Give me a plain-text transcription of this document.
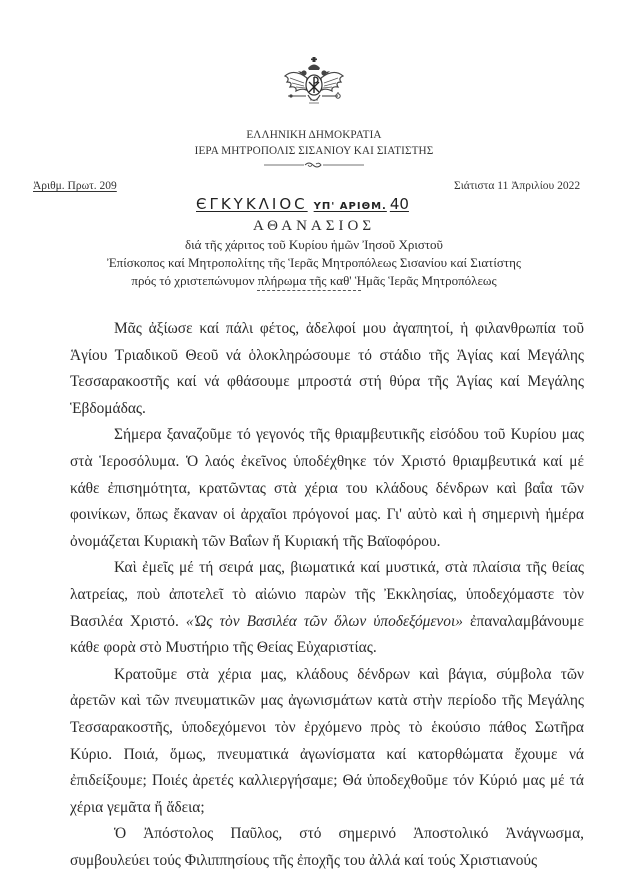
ΕΛΛΗΝΙΚΗ ΔΗΜΟΚΡΑΤΙΑ
ΙΕΡΑ ΜΗΤΡΟΠΟΛΙΣ ΣΙΣΑΝΙΟΥ ΚΑΙ ΣΙΑΤΙΣΤΗΣ
Ἀριθμ. Πρωτ. 209	Σιάτιστα 11 Ἀπριλίου 2022
ЄΓΚΥΚΛΙΟϹ ΥΠ' ΑΡΙΘΜ. 40
ΑΘΑΝΑΣΙΟΣ
διά τῆς χάριτος τοῦ Κυρίου ἡμῶν Ἰησοῦ Χριστοῦ
Ἐπίσκοπος καί Μητροπολίτης τῆς Ἱερᾶς Μητροπόλεως Σισανίου καί Σιατίστης
πρός τό χριστεπώνυμον πλήρωμα τῆς καθ' Ἡμᾶς Ἱερᾶς Μητροπόλεως

Μᾶς ἀξίωσε καί πάλι φέτος, ἀδελφοί μου ἀγαπητοί, ἡ φιλανθρωπία τοῦ Ἁγίου Τριαδικοῦ Θεοῦ νά ὁλοκληρώσουμε τό στάδιο τῆς Ἁγίας καί Μεγάλης Τεσσαρακοστῆς καί νά φθάσουμε μπροστά στή θύρα τῆς Ἁγίας καί Μεγάλης Ἑβδομάδας.

Σήμερα ξαναζοῦμε τό γεγονός τῆς θριαμβευτικῆς εἰσόδου τοῦ Κυρίου μας στὰ Ἱεροσόλυμα. Ὁ λαός ἐκεῖνος ὑποδέχθηκε τόν Χριστό θριαμβευτικά καί μέ κάθε ἐπισημότητα, κρατῶντας στὰ χέρια του κλάδους δένδρων καὶ βαΐα τῶν φοινίκων, ὅπως ἔκαναν οἱ ἀρχαῖοι πρόγονοί μας. Γι' αὐτὸ καὶ ἡ σημερινὴ ἡμέρα ὀνομάζεται Κυριακὴ τῶν Βαΐων ἤ Κυριακή τῆς Βαϊοφόρου.

Καὶ ἐμεῖς μέ τή σειρά μας, βιωματικά καί μυστικά, στὰ πλαίσια τῆς θείας λατρείας, ποὺ ἀποτελεῖ τὸ αἰώνιο παρὼν τῆς Ἐκκλησίας, ὑποδεχόμαστε τὸν Βασιλέα Χριστό. «Ὡς τὸν Βασιλέα τῶν ὅλων ὑποδεξόμενοι» ἐπαναλαμβάνουμε κάθε φορὰ στὸ Μυστήριο τῆς Θείας Εὐχαριστίας.

Κρατοῦμε στὰ χέρια μας, κλάδους δένδρων καὶ βάγια, σύμβολα τῶν ἀρετῶν καὶ τῶν πνευματικῶν μας ἀγωνισμάτων κατὰ στὴν περίοδο τῆς Μεγάλης Τεσσαρακοστῆς, ὑποδεχόμενοι τὸν ἐρχόμενο πρὸς τὸ ἑκούσιο πάθος Σωτῆρα Κύριο. Ποιά, ὅμως, πνευματικά ἀγωνίσματα καί κατορθώματα ἔχουμε νά ἐπιδείξουμε; Ποιές ἀρετές καλλιεργήσαμε; Θά ὑποδεχθοῦμε τόν Κύριό μας μέ τά χέρια γεμᾶτα ἤ ἄδεια;

Ὁ Ἀπόστολος Παῦλος, στό σημερινό Ἀποστολικό Ἀνάγνωσμα, συμβουλεύει τούς Φιλιππησίους τῆς ἐποχῆς του ἀλλά καί τούς Χριστιανούς
